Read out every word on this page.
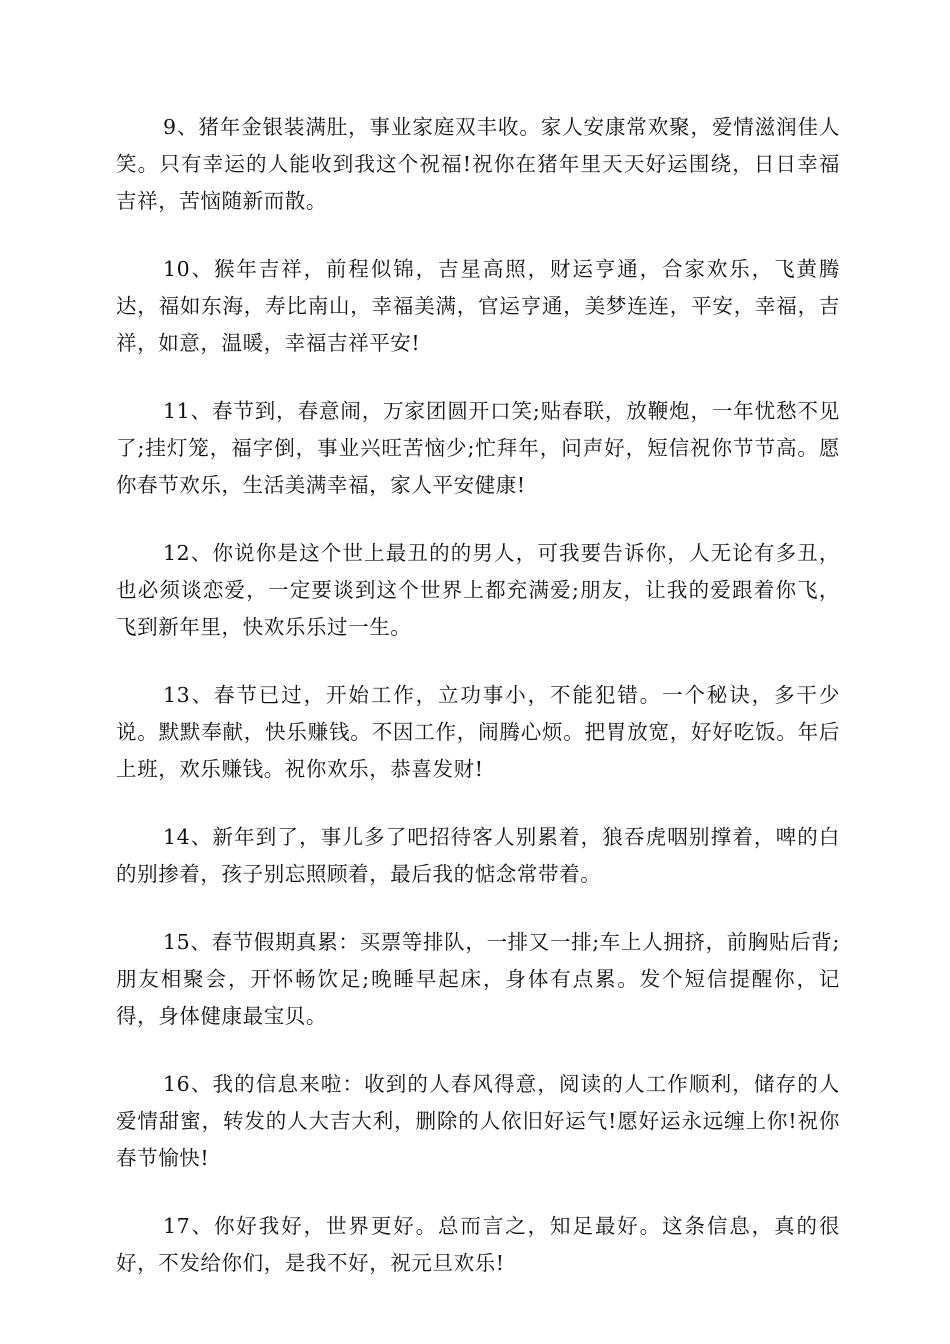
9、猪年金银装满肚，事业家庭双丰收。家人安康常欢聚，爱情滋润佳人笑。只有幸运的人能收到我这个祝福!祝你在猪年里天天好运围绕，日日幸福吉祥，苦恼随新而散。

10、猴年吉祥，前程似锦，吉星高照，财运亨通，合家欢乐，飞黄腾达，福如东海，寿比南山，幸福美满，官运亨通，美梦连连，平安，幸福，吉祥，如意，温暖，幸福吉祥平安!

11、春节到，春意闹，万家团圆开口笑;贴春联，放鞭炮，一年忧愁不见了;挂灯笼，福字倒，事业兴旺苦恼少;忙拜年，问声好，短信祝你节节高。愿你春节欢乐，生活美满幸福，家人平安健康!

12、你说你是这个世上最丑的的男人，可我要告诉你，人无论有多丑，也必须谈恋爱，一定要谈到这个世界上都充满爱;朋友，让我的爱跟着你飞，飞到新年里，快欢乐乐过一生。

13、春节已过，开始工作，立功事小，不能犯错。一个秘诀，多干少说。默默奉献，快乐赚钱。不因工作，闹腾心烦。把胃放宽，好好吃饭。年后上班，欢乐赚钱。祝你欢乐，恭喜发财!

14、新年到了，事儿多了吧招待客人别累着，狼吞虎咽别撑着，啤的白的别掺着，孩子别忘照顾着，最后我的惦念常带着。

15、春节假期真累：买票等排队，一排又一排;车上人拥挤，前胸贴后背;朋友相聚会，开怀畅饮足;晚睡早起床，身体有点累。发个短信提醒你，记得，身体健康最宝贝。

16、我的信息来啦：收到的人春风得意，阅读的人工作顺利，储存的人爱情甜蜜，转发的人大吉大利，删除的人依旧好运气!愿好运永远缠上你!祝你春节愉快!

17、你好我好，世界更好。总而言之，知足最好。这条信息，真的很好，不发给你们，是我不好，祝元旦欢乐!
